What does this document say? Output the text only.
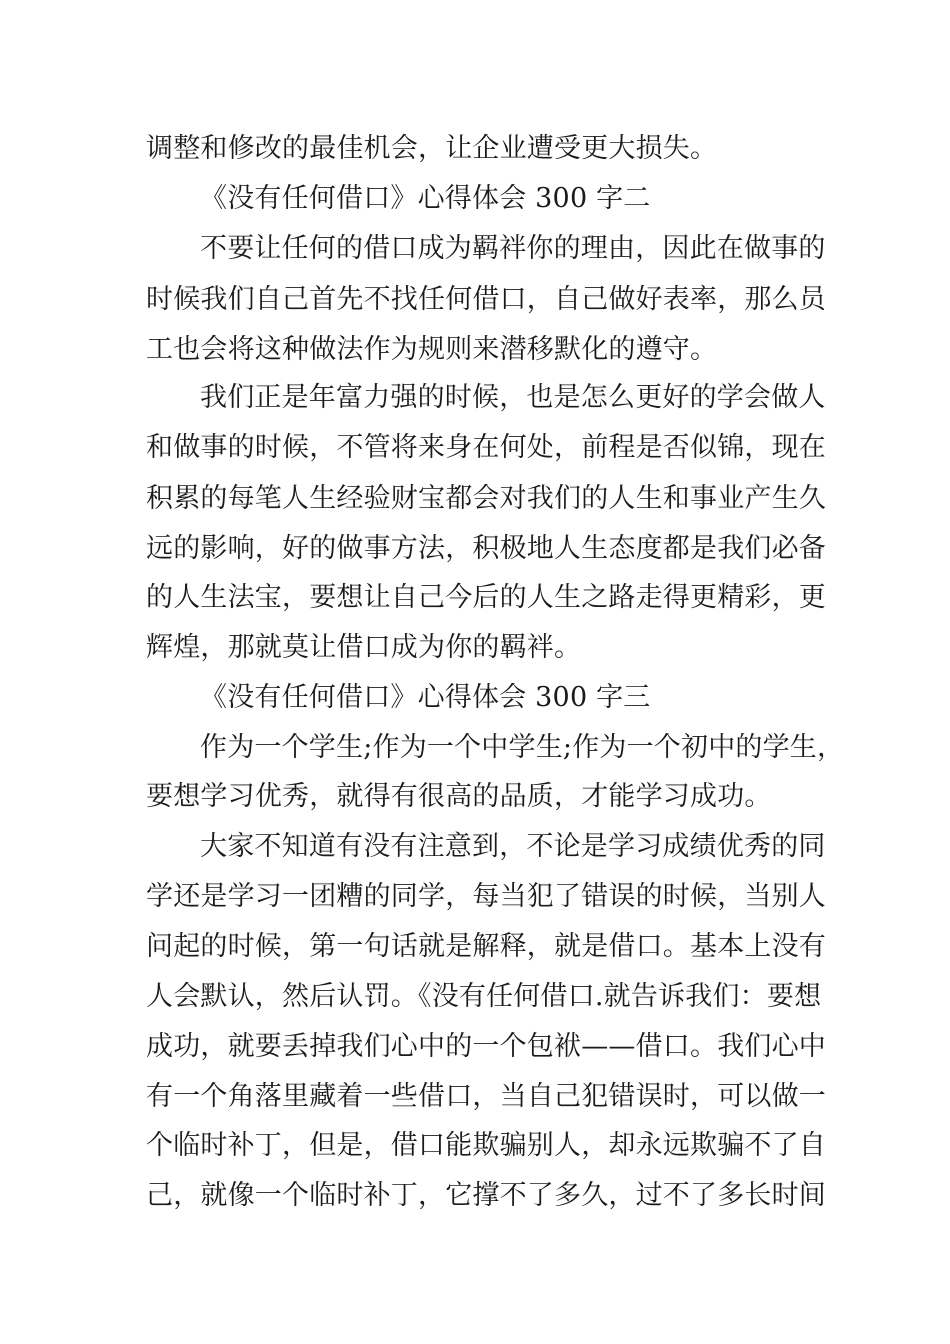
调整和修改的最佳机会，让企业遭受更大损失。
《没有任何借口》心得体会 300 字二
不要让任何的借口成为羁袢你的理由，因此在做事的
时候我们自己首先不找任何借口，自己做好表率，那么员
工也会将这种做法作为规则来潜移默化的遵守。
我们正是年富力强的时候，也是怎么更好的学会做人
和做事的时候，不管将来身在何处，前程是否似锦，现在
积累的每笔人生经验财宝都会对我们的人生和事业产生久
远的影响，好的做事方法，积极地人生态度都是我们必备
的人生法宝，要想让自己今后的人生之路走得更精彩，更
辉煌，那就莫让借口成为你的羁袢。
《没有任何借口》心得体会 300 字三
作为一个学生;作为一个中学生;作为一个初中的学生，
要想学习优秀，就得有很高的品质，才能学习成功。
大家不知道有没有注意到，不论是学习成绩优秀的同
学还是学习一团糟的同学，每当犯了错误的时候，当别人
问起的时候，第一句话就是解释，就是借口。基本上没有
人会默认，然后认罚。《没有任何借口.就告诉我们：要想
成功，就要丢掉我们心中的一个包袱——借口。我们心中
有一个角落里藏着一些借口，当自己犯错误时，可以做一
个临时补丁，但是，借口能欺骗别人，却永远欺骗不了自
己，就像一个临时补丁，它撑不了多久，过不了多长时间
